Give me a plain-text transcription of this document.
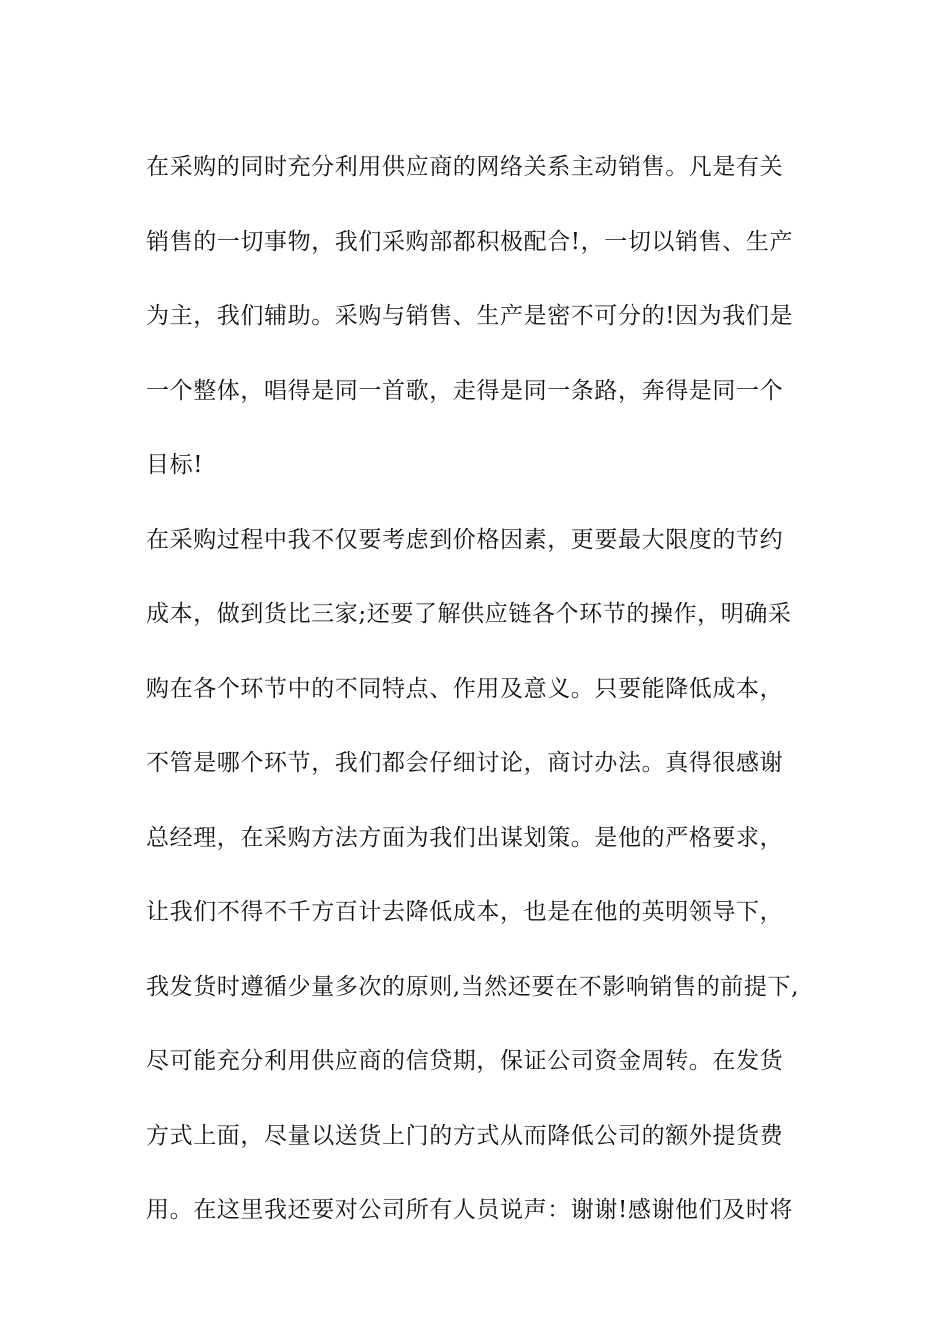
在采购的同时充分利用供应商的网络关系主动销售。凡是有关
销售的一切事物，我们采购部都积极配合!，一切以销售、生产
为主，我们辅助。采购与销售、生产是密不可分的!因为我们是
一个整体，唱得是同一首歌，走得是同一条路，奔得是同一个
目标!
在采购过程中我不仅要考虑到价格因素，更要最大限度的节约
成本，做到货比三家;还要了解供应链各个环节的操作，明确采
购在各个环节中的不同特点、作用及意义。只要能降低成本，
不管是哪个环节，我们都会仔细讨论，商讨办法。真得很感谢
总经理，在采购方法方面为我们出谋划策。是他的严格要求，
让我们不得不千方百计去降低成本，也是在他的英明领导下，
我发货时遵循少量多次的原则,当然还要在不影响销售的前提下,
尽可能充分利用供应商的信贷期，保证公司资金周转。在发货
方式上面，尽量以送货上门的方式从而降低公司的额外提货费
用。在这里我还要对公司所有人员说声：谢谢!感谢他们及时将
